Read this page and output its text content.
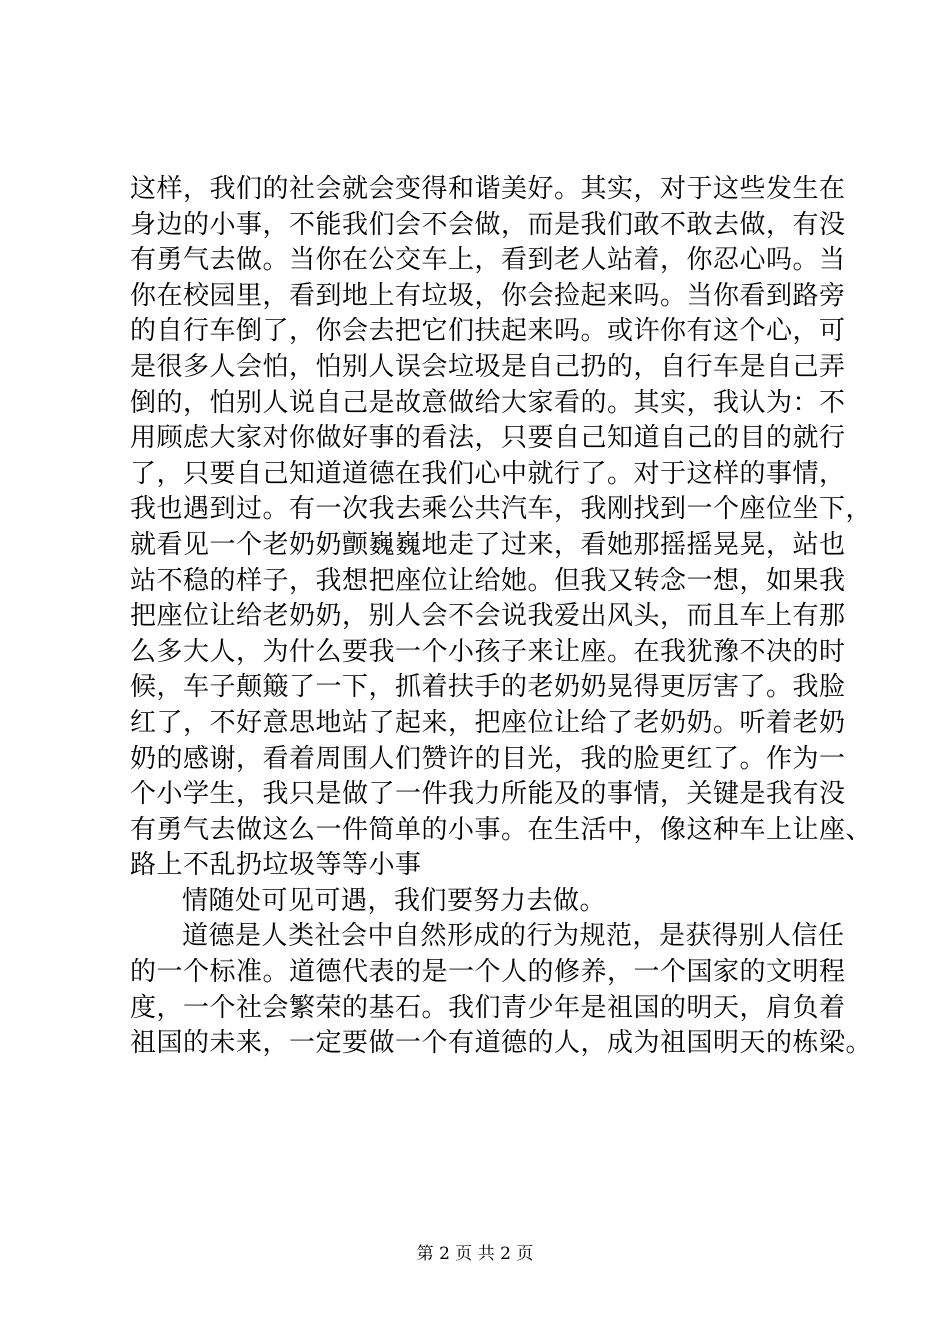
这样，我们的社会就会变得和谐美好。其实，对于这些发生在
身边的小事，不能我们会不会做，而是我们敢不敢去做，有没
有勇气去做。当你在公交车上，看到老人站着，你忍心吗。当
你在校园里，看到地上有垃圾，你会捡起来吗。当你看到路旁
的自行车倒了，你会去把它们扶起来吗。或许你有这个心，可
是很多人会怕，怕别人误会垃圾是自己扔的，自行车是自己弄
倒的，怕别人说自己是故意做给大家看的。其实，我认为：不
用顾虑大家对你做好事的看法，只要自己知道自己的目的就行
了，只要自己知道道德在我们心中就行了。对于这样的事情，
我也遇到过。有一次我去乘公共汽车，我刚找到一个座位坐下，
就看见一个老奶奶颤巍巍地走了过来，看她那摇摇晃晃，站也
站不稳的样子，我想把座位让给她。但我又转念一想，如果我
把座位让给老奶奶，别人会不会说我爱出风头，而且车上有那
么多大人，为什么要我一个小孩子来让座。在我犹豫不决的时
候，车子颠簸了一下，抓着扶手的老奶奶晃得更厉害了。我脸
红了，不好意思地站了起来，把座位让给了老奶奶。听着老奶
奶的感谢，看着周围人们赞许的目光，我的脸更红了。作为一
个小学生，我只是做了一件我力所能及的事情，关键是我有没
有勇气去做这么一件简单的小事。在生活中，像这种车上让座、
路上不乱扔垃圾等等小事
情随处可见可遇，我们要努力去做。
道德是人类社会中自然形成的行为规范，是获得别人信任
的一个标准。道德代表的是一个人的修养，一个国家的文明程
度，一个社会繁荣的基石。我们青少年是祖国的明天，肩负着
祖国的未来，一定要做一个有道德的人，成为祖国明天的栋梁。
第 2 页 共 2 页
